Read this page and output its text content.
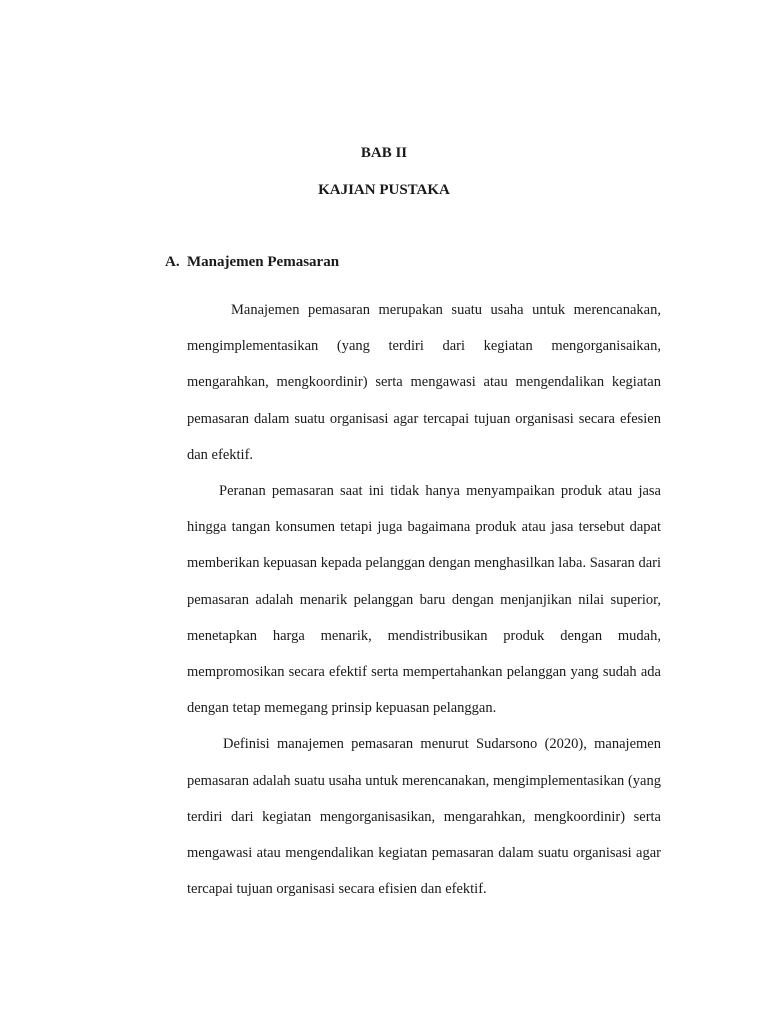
BAB II
KAJIAN PUSTAKA
A. Manajemen Pemasaran

Manajemen pemasaran merupakan suatu usaha untuk merencanakan, mengimplementasikan (yang terdiri dari kegiatan mengorganisaikan, mengarahkan, mengkoordinir) serta mengawasi atau mengendalikan kegiatan pemasaran dalam suatu organisasi agar tercapai tujuan organisasi secara efesien dan efektif.

Peranan pemasaran saat ini tidak hanya menyampaikan produk atau jasa hingga tangan konsumen tetapi juga bagaimana produk atau jasa tersebut dapat memberikan kepuasan kepada pelanggan dengan menghasilkan laba. Sasaran dari pemasaran adalah menarik pelanggan baru dengan menjanjikan nilai superior, menetapkan harga menarik, mendistribusikan produk dengan mudah, mempromosikan secara efektif serta mempertahankan pelanggan yang sudah ada dengan tetap memegang prinsip kepuasan pelanggan.

Definisi manajemen pemasaran menurut Sudarsono (2020), manajemen pemasaran adalah suatu usaha untuk merencanakan, mengimplementasikan (yang terdiri dari kegiatan mengorganisasikan, mengarahkan, mengkoordinir) serta mengawasi atau mengendalikan kegiatan pemasaran dalam suatu organisasi agar tercapai tujuan organisasi secara efisien dan efektif.
